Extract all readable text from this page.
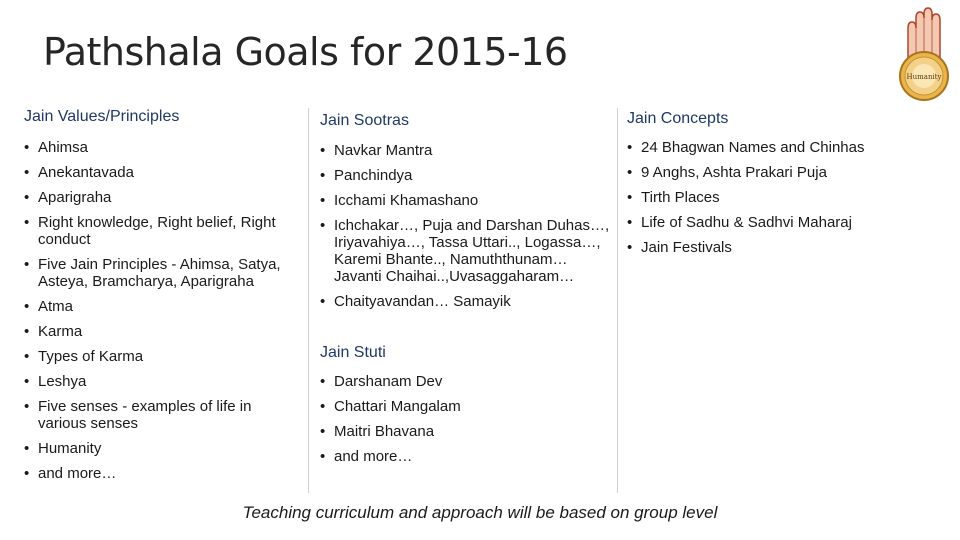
Pathshala Goals for 2015-16
Humanity
Jain Values/Principles
• Ahimsa
• Anekantavada
• Aparigraha
• Right knowledge, Right belief, Right conduct
• Five Jain Principles - Ahimsa, Satya, Asteya, Bramcharya, Aparigraha
• Atma
• Karma
• Types of Karma
• Leshya
• Five senses - examples of life in various senses
• Humanity
• and more…
Jain Sootras
• Navkar Mantra
• Panchindya
• Icchami Khamashano
• Ichchakar…, Puja and Darshan Duhas…, Iriyavahiya…, Tassa Uttari.., Logassa…, Karemi Bhante.., Namuththunam… Javanti Chaihai..,Uvasaggaharam…
• Chaityavandan… Samayik
Jain Stuti
• Darshanam Dev
• Chattari Mangalam
• Maitri Bhavana
• and more…
Jain Concepts
• 24 Bhagwan Names and Chinhas
• 9 Anghs, Ashta Prakari Puja
• Tirth Places
• Life of Sadhu & Sadhvi Maharaj
• Jain Festivals
Teaching curriculum and approach will be based on group level
